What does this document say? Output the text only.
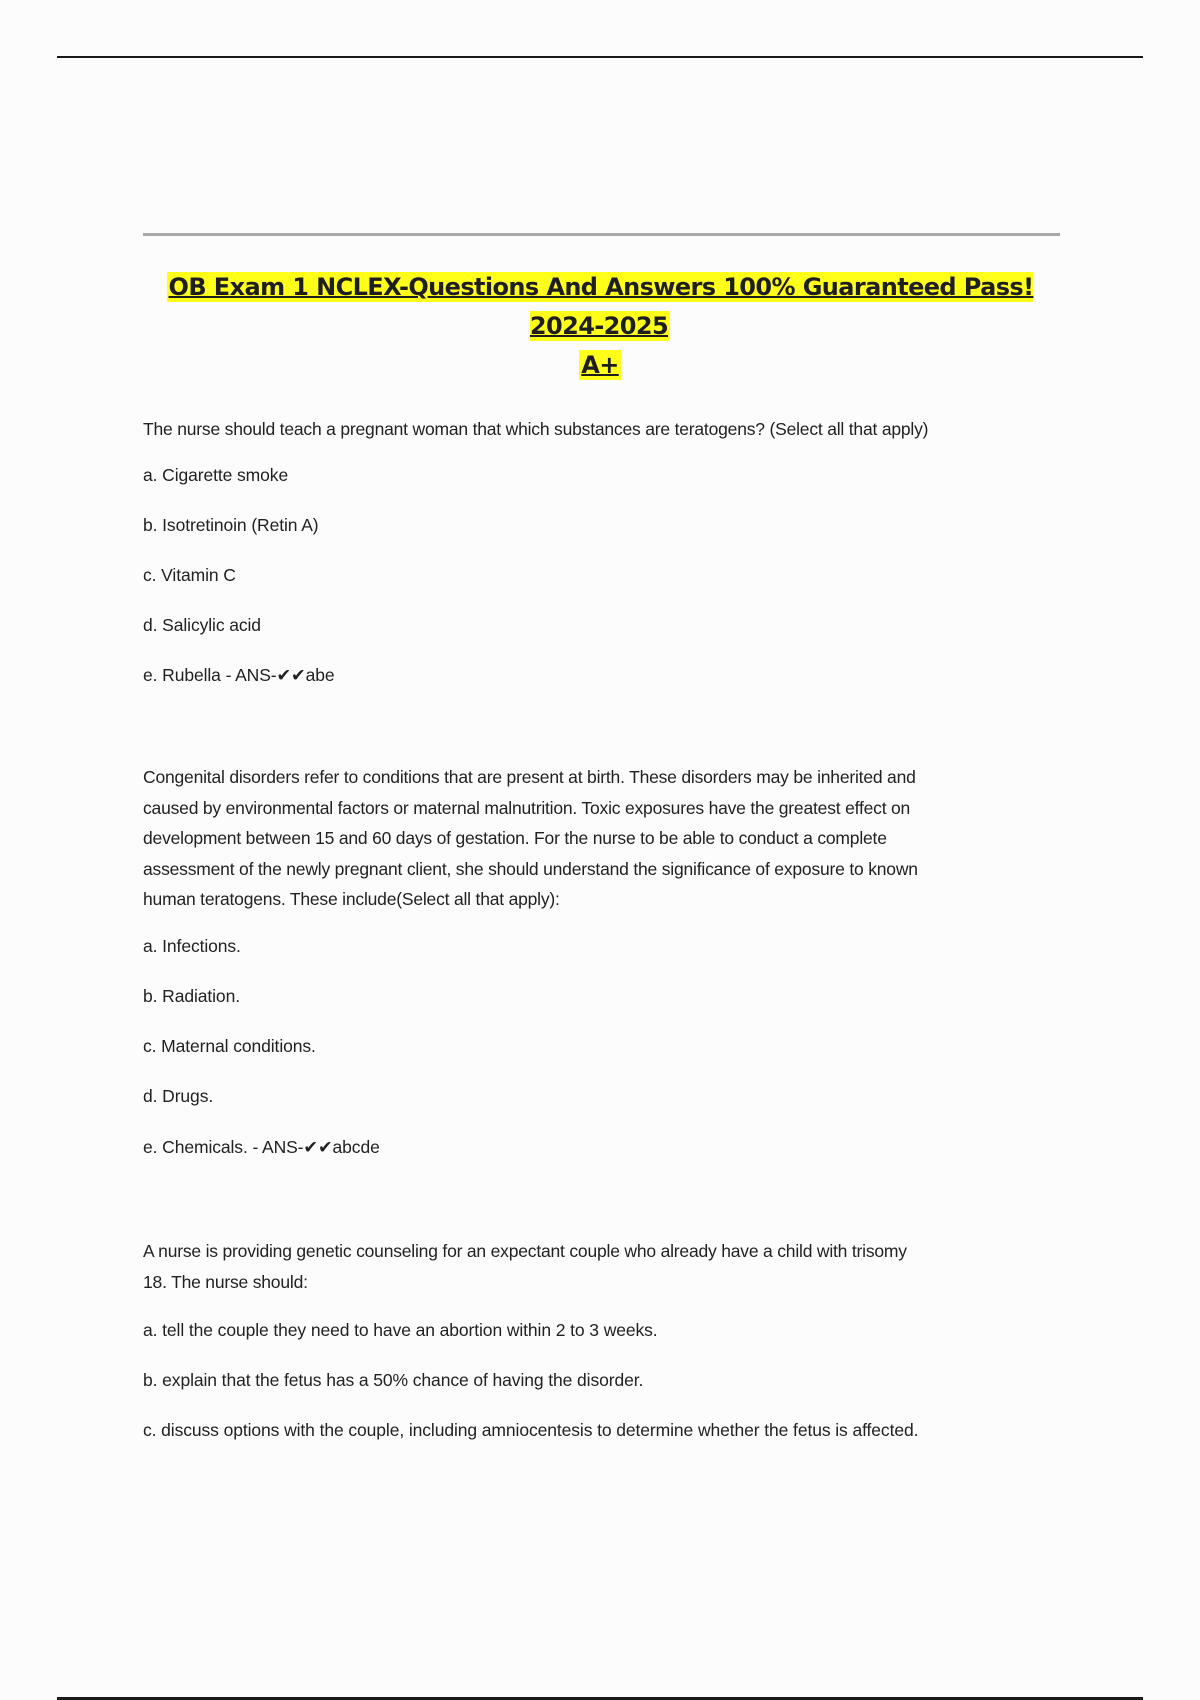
OB Exam 1 NCLEX-Questions And Answers 100% Guaranteed Pass! 2024-2025
A+

The nurse should teach a pregnant woman that which substances are teratogens? (Select all that apply)

a. Cigarette smoke
b. Isotretinoin (Retin A)
c. Vitamin C
d. Salicylic acid
e. Rubella - ANS-✔✔abe
Congenital disorders refer to conditions that are present at birth. These disorders may be inherited and
caused by environmental factors or maternal malnutrition. Toxic exposures have the greatest effect on
development between 15 and 60 days of gestation. For the nurse to be able to conduct a complete
assessment of the newly pregnant client, she should understand the significance of exposure to known
human teratogens. These include(Select all that apply):
a. Infections.
b. Radiation.
c. Maternal conditions.
d. Drugs.
e. Chemicals. - ANS-✔✔abcde
A nurse is providing genetic counseling for an expectant couple who already have a child with trisomy
18. The nurse should:
a. tell the couple they need to have an abortion within 2 to 3 weeks.
b. explain that the fetus has a 50% chance of having the disorder.
c. discuss options with the couple, including amniocentesis to determine whether the fetus is affected.
